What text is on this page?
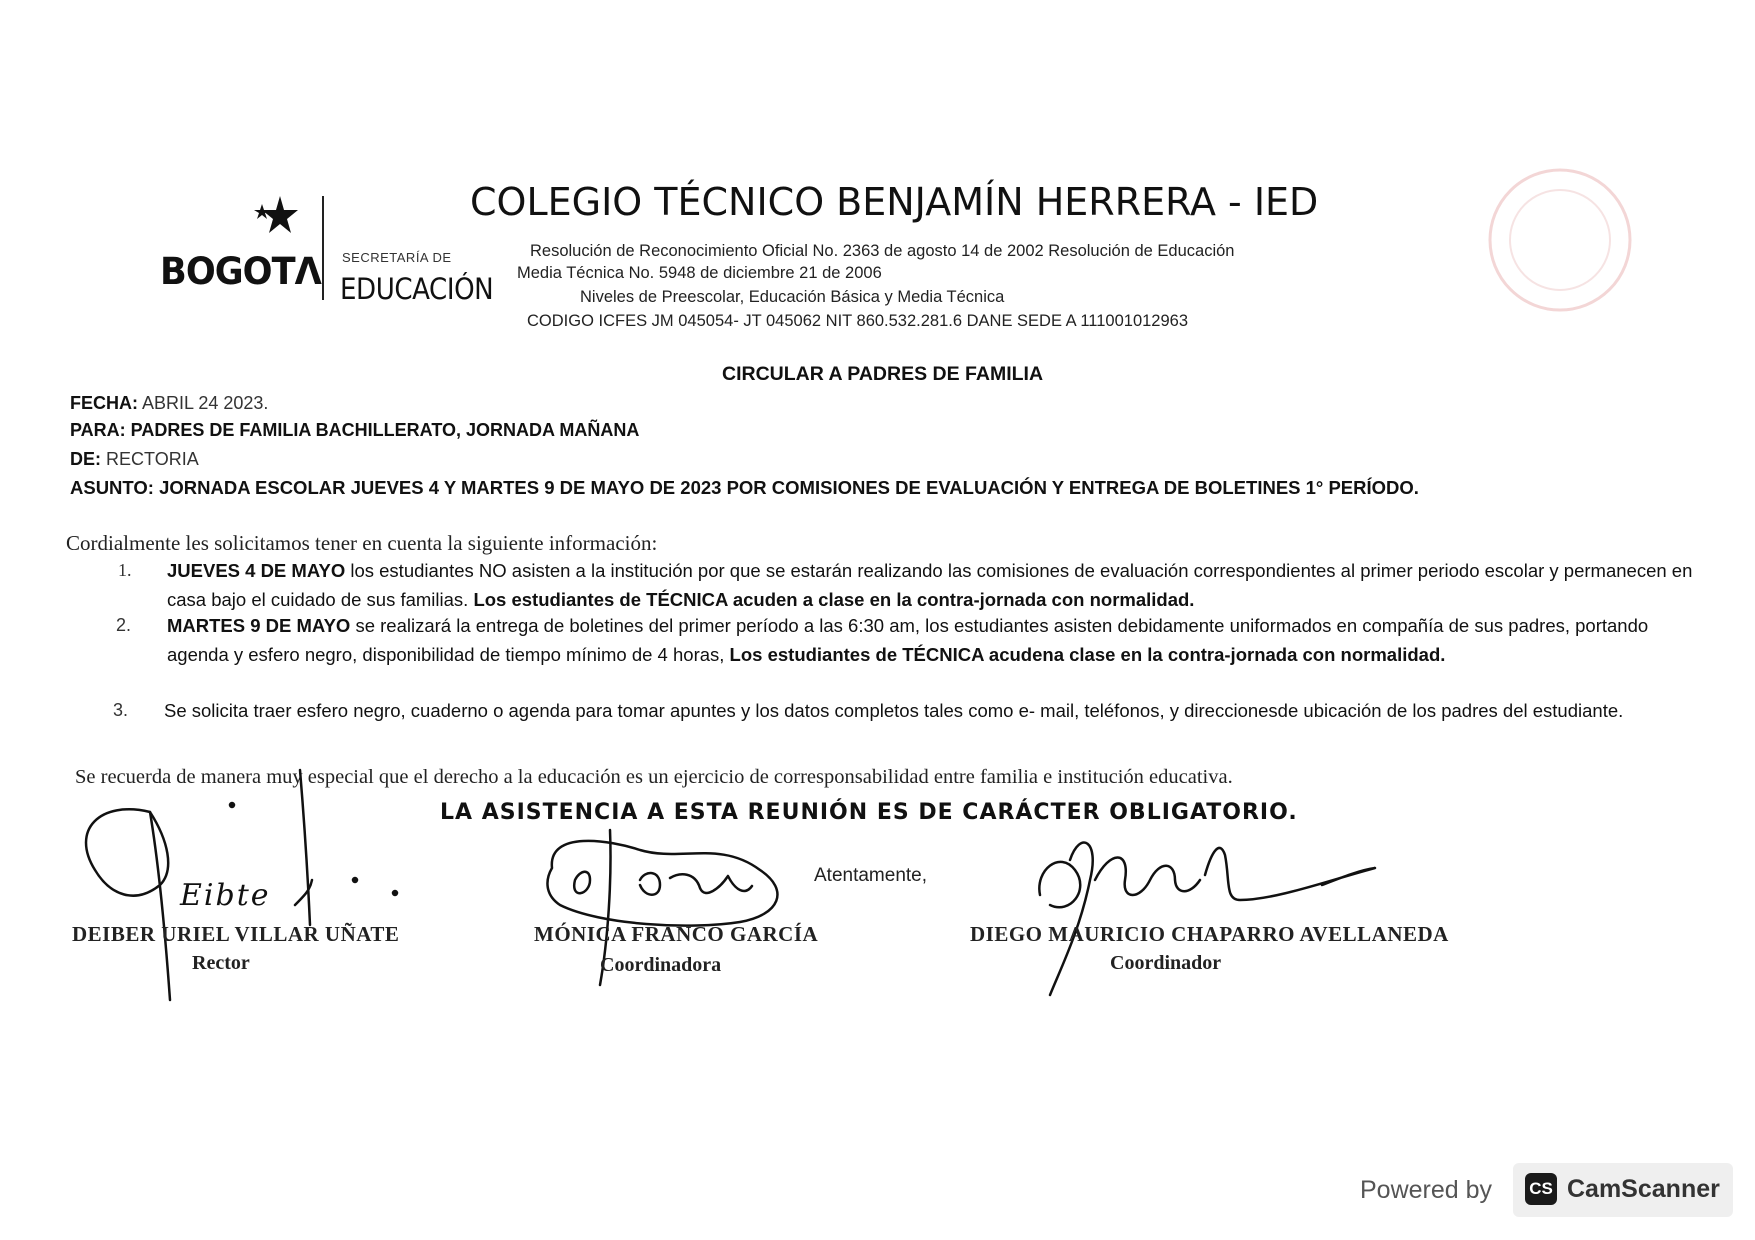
BOGOTΛ SECRETARÍA DE
EDUCACIÓN
COLEGIO TÉCNICO BENJAMÍN HERRERA - IED
Resolución de Reconocimiento Oficial No. 2363 de agosto 14 de 2002 Resolución de Educación
Media Técnica No. 5948 de diciembre 21 de 2006
Niveles de Preescolar, Educación Básica y Media Técnica
CODIGO ICFES JM 045054- JT 045062 NIT 860.532.281.6 DANE SEDE A 111001012963
CIRCULAR A PADRES DE FAMILIA
FECHA: ABRIL 24 2023.
PARA: PADRES DE FAMILIA BACHILLERATO, JORNADA MAÑANA
DE: RECTORIA
ASUNTO: JORNADA ESCOLAR JUEVES 4 Y MARTES 9 DE MAYO DE 2023 POR COMISIONES DE EVALUACIÓN Y ENTREGA DE BOLETINES 1° PERÍODO.
Cordialmente les solicitamos tener en cuenta la siguiente información:
1. JUEVES 4 DE MAYO los estudiantes NO asisten a la institución por que se estarán realizando las comisiones de evaluación correspondientes al primer periodo escolar y permanecen en casa bajo el cuidado de sus familias. Los estudiantes de TÉCNICA acuden a clase en la contra-jornada con normalidad.
2. MARTES 9 DE MAYO se realizará la entrega de boletines del primer período a las 6:30 am, los estudiantes asisten debidamente uniformados en compañía de sus padres, portando agenda y esfero negro, disponibilidad de tiempo mínimo de 4 horas, Los estudiantes de TÉCNICA acudena clase en la contra-jornada con normalidad.
3. Se solicita traer esfero negro, cuaderno o agenda para tomar apuntes y los datos completos tales como e- mail, teléfonos, y direccionesde ubicación de los padres del estudiante.
Se recuerda de manera muy especial que el derecho a la educación es un ejercicio de corresponsabilidad entre familia e institución educativa.
LA ASISTENCIA A ESTA REUNIÓN ES DE CARÁCTER OBLIGATORIO.
Atentamente,
Eibte
DEIBER URIEL VILLAR UÑATE
Rector
MÓNICA FRANCO GARCÍA
Coordinadora
DIEGO MAURICIO CHAPARRO AVELLANEDA
Coordinador
Powered by CS CamScanner
